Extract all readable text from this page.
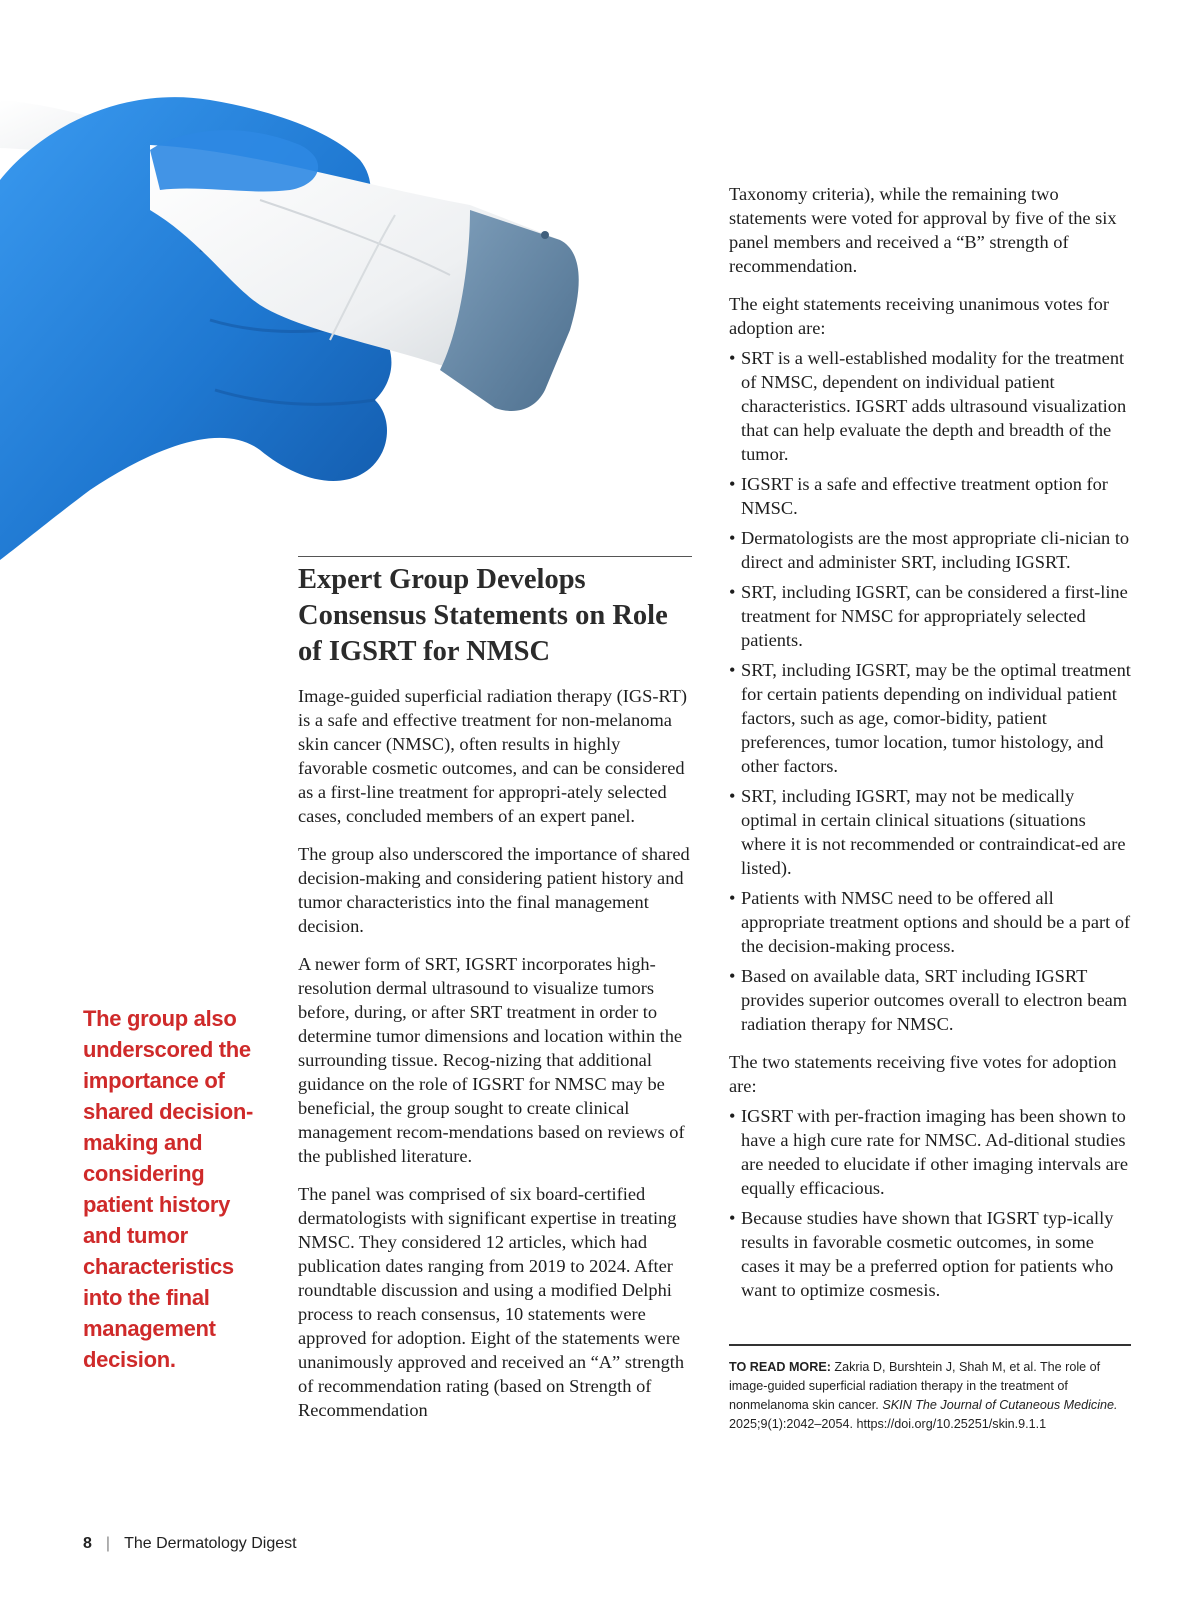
Expert Group Develops Consensus Statements on Role of IGSRT for NMSC

Image-guided superficial radiation therapy (IGS-RT) is a safe and effective treatment for non-melanoma skin cancer (NMSC), often results in highly favorable cosmetic outcomes, and can be considered as a first-line treatment for appropri-ately selected cases, concluded members of an expert panel.

The group also underscored the importance of shared decision-making and considering patient history and tumor characteristics into the final management decision.

A newer form of SRT, IGSRT incorporates high-resolution dermal ultrasound to visualize tumors before, during, or after SRT treatment in order to determine tumor dimensions and location within the surrounding tissue. Recog-nizing that additional guidance on the role of IGSRT for NMSC may be beneficial, the group sought to create clinical management recom-mendations based on reviews of the published literature.

The panel was comprised of six board-certified dermatologists with significant expertise in treating NMSC. They considered 12 articles, which had publication dates ranging from 2019 to 2024. After roundtable discussion and using a modified Delphi process to reach consensus, 10 statements were approved for adoption. Eight of the statements were unanimously approved and received an “A” strength of recommendation rating (based on Strength of Recommendation

Taxonomy criteria), while the remaining two statements were voted for approval by five of the six panel members and received a “B” strength of recommendation.

The eight statements receiving unanimous votes for adoption are:

• SRT is a well-established modality for the treatment of NMSC, dependent on individual patient characteristics. IGSRT adds ultrasound visualization that can help evaluate the depth and breadth of the tumor.
• IGSRT is a safe and effective treatment option for NMSC.
• Dermatologists are the most appropriate cli-nician to direct and administer SRT, including IGSRT.
• SRT, including IGSRT, can be considered a first-line treatment for NMSC for appropriately selected patients.
• SRT, including IGSRT, may be the optimal treatment for certain patients depending on individual patient factors, such as age, comor-bidity, patient preferences, tumor location, tumor histology, and other factors.
• SRT, including IGSRT, may not be medically optimal in certain clinical situations (situations where it is not recommended or contraindicat-ed are listed).
• Patients with NMSC need to be offered all appropriate treatment options and should be a part of the decision-making process.
• Based on available data, SRT including IGSRT provides superior outcomes overall to electron beam radiation therapy for NMSC.

The two statements receiving five votes for adoption are:

• IGSRT with per-fraction imaging has been shown to have a high cure rate for NMSC. Ad-ditional studies are needed to elucidate if other imaging intervals are equally efficacious.
• Because studies have shown that IGSRT typ-ically results in favorable cosmetic outcomes, in some cases it may be a preferred option for patients who want to optimize cosmesis.
The group also underscored the importance of shared decision-making and considering patient history and tumor characteristics into the final management decision.	TO READ MORE: Zakria D, Burshtein J, Shah M, et al. The role of image-guided superficial radiation therapy in the treatment of nonmelanoma skin cancer. SKIN The Journal of Cutaneous Medicine. 2025;9(1):2042–2054. https://doi.org/10.25251/skin.9.1.1
8 | The Dermatology Digest
